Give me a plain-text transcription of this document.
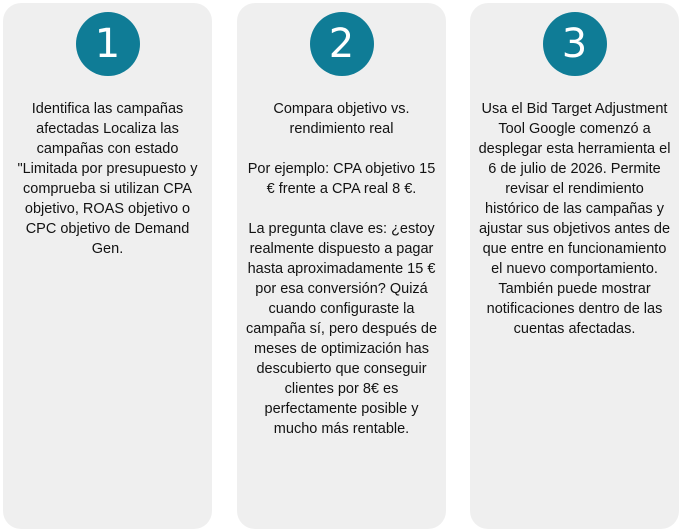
1

Identifica las campañas afectadas Localiza las campañas con estado "Limitada por presupuesto y comprueba si utilizan CPA objetivo, ROAS objetivo o CPC objetivo de Demand Gen.

2

Compara objetivo vs. rendimiento real

Por ejemplo: CPA objetivo 15 € frente a CPA real 8 €.

La pregunta clave es: ¿estoy realmente dispuesto a pagar hasta aproximadamente 15 € por esa conversión? Quizá cuando configuraste la campaña sí, pero después de meses de optimización has descubierto que conseguir clientes por 8€ es perfectamente posible y mucho más rentable.

3

Usa el Bid Target Adjustment Tool Google comenzó a desplegar esta herramienta el 6 de julio de 2026. Permite revisar el rendimiento histórico de las campañas y ajustar sus objetivos antes de que entre en funcionamiento el nuevo comportamiento. También puede mostrar notificaciones dentro de las cuentas afectadas.
